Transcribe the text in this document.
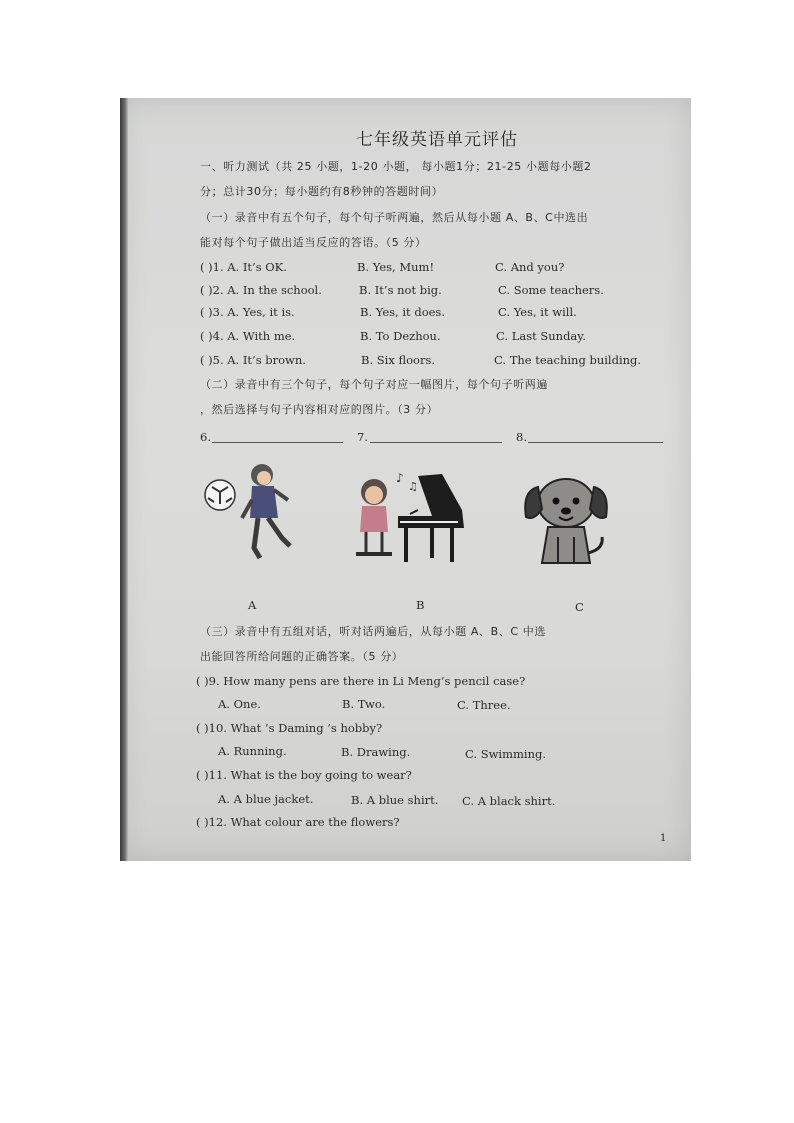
七年级英语单元评估
一、听力测试（共 25 小题，1-20 小题， 每小题1分；21-25 小题每小题2
分；总计30分；每小题约有8秒钟的答题时间）
（一）录音中有五个句子，每个句子听两遍，然后从每小题 A、B、C中选出
能对每个句子做出适当反应的答语。（5 分）
( )1. A. It’s OK.	B. Yes, Mum!	C. And you?
( )2. A. In the school.	B. It’s not big.	C. Some teachers.
( )3. A. Yes, it is.	B. Yes, it does.	C. Yes, it will.
( )4. A. With me.	B. To Dezhou.	C. Last Sunday.
( )5. A. It’s brown.	B. Six floors.	C. The teaching building.
（二）录音中有三个句子，每个句子对应一幅图片，每个句子听两遍
，然后选择与句子内容相对应的图片。（3 分）
6.	7.	8.
♪
♫
A	B	C
（三）录音中有五组对话，听对话两遍后，从每小题 A、B、C 中选
出能回答所给问题的正确答案。（5 分）
( )9. How many pens are there in Li Meng’s pencil case?
A. One.	B. Two.	C. Three.
( )10. What ’s Daming ’s hobby?
A. Running.	B. Drawing.	C. Swimming.
( )11. What is the boy going to wear?
A. A blue jacket.	B. A blue shirt. C. A black shirt.
( )12. What colour are the flowers?
1
